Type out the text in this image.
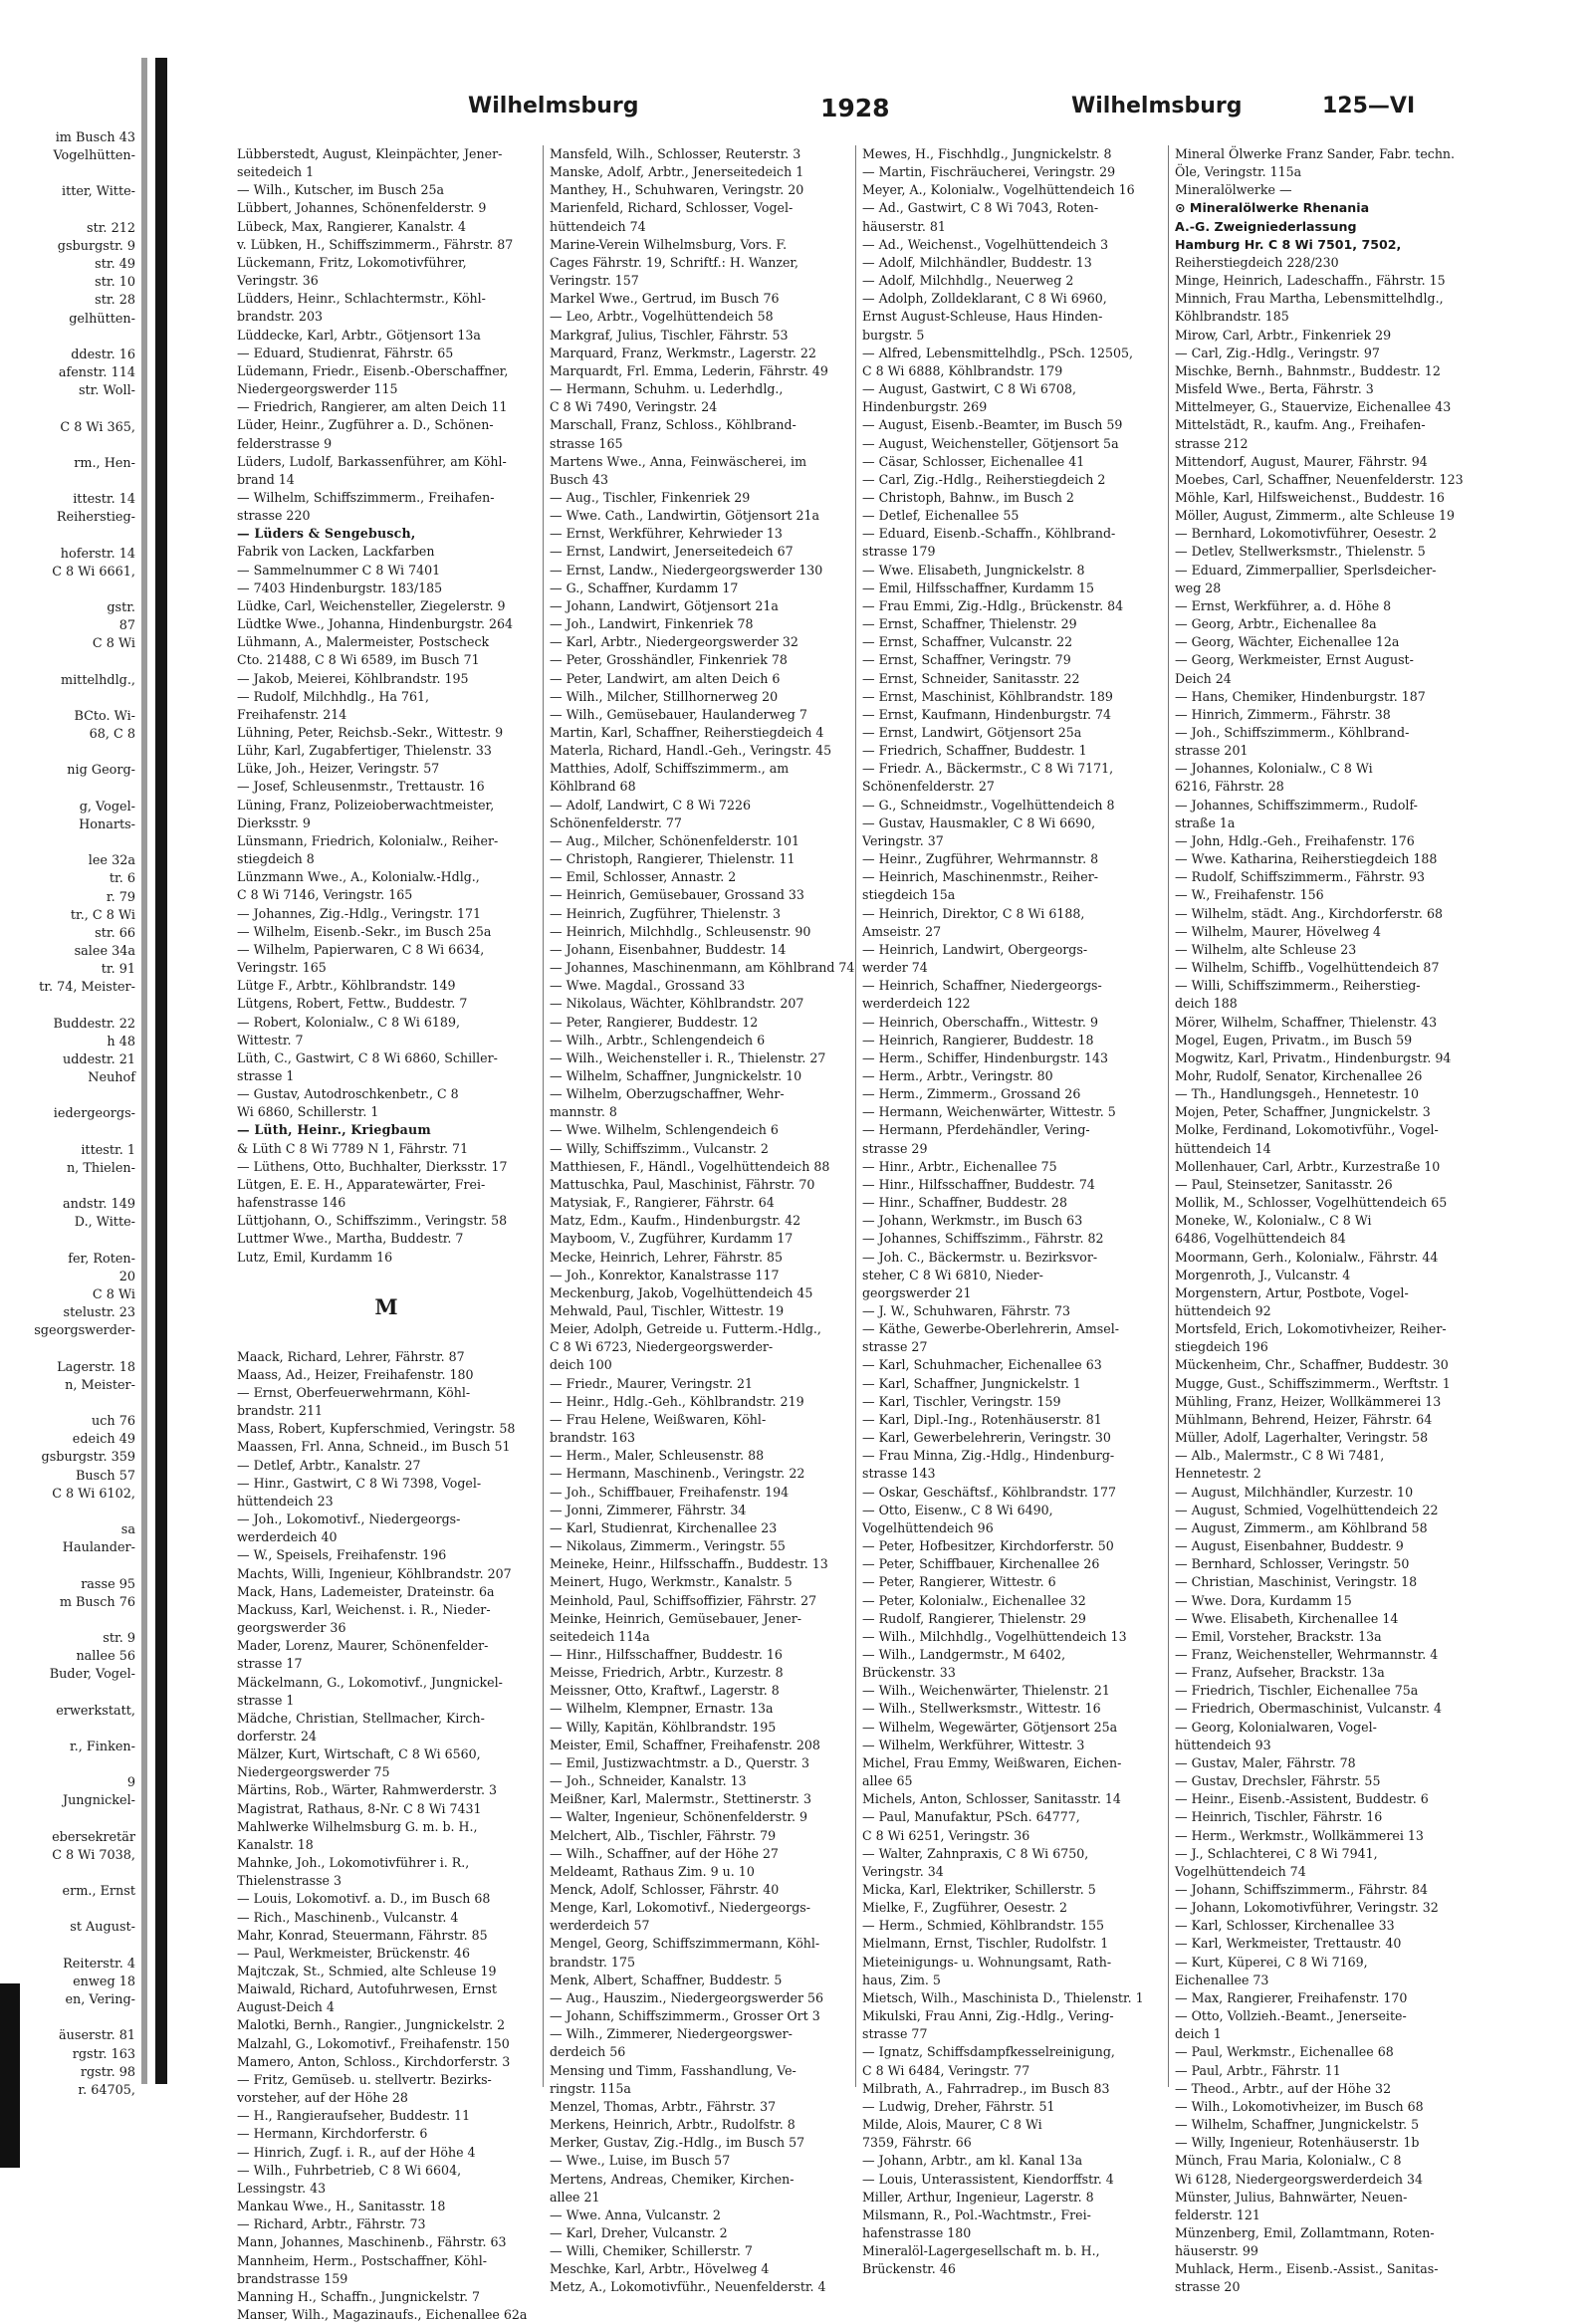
im Busch 43
Vogelhütten-

itter, Witte-

str. 212
gsburgstr. 9
str. 49
str. 10
str. 28
gelhütten-

ddestr. 16
afenstr. 114
str. Woll-

C 8 Wi 365,

rm., Hen-

ittestr. 14
Reiherstieg-

hoferstr. 14
C 8 Wi 6661,

gstr.
87
C 8 Wi

mittelhdlg.,

BCto. Wi-
68, C 8

nig Georg-

g, Vogel-
Honarts-

lee 32a
tr. 6
r. 79
tr., C 8 Wi
str. 66
salee 34a
tr. 91
tr. 74, Meister-

Buddestr. 22
h 48
uddestr. 21
Neuhof

iedergeorgs-

ittestr. 1
n, Thielen-

andstr. 149
D., Witte-

fer, Roten-
20
C 8 Wi
stelustr. 23
sgeorgswerder-

Lagerstr. 18
n, Meister-

uch 76
edeich 49
gsburgstr. 359
Busch 57
C 8 Wi 6102,

sa
Haulander-

rasse 95
m Busch 76

str. 9
nallee 56
Buder, Vogel-

erwerkstatt,

r., Finken-

9
Jungnickel-

ebersekretär
C 8 Wi 7038,

erm., Ernst

st August-

Reiterstr. 4
enweg 18
en, Vering-

äuserstr. 81
rgstr. 163
rgstr. 98
r. 64705,
Wilhelmsburg	1928	Wilhelmsburg	125—VI
Lübberstedt, August, Kleinpächter, Jener-
seitedeich 1
— Wilh., Kutscher, im Busch 25a
Lübbert, Johannes, Schönenfelderstr. 9
Lübeck, Max, Rangierer, Kanalstr. 4
v. Lübken, H., Schiffszimmerm., Fährstr. 87
Lückemann, Fritz, Lokomotivführer,
Veringstr. 36
Lüdders, Heinr., Schlachtermstr., Köhl-
brandstr. 203
Lüddecke, Karl, Arbtr., Götjensort 13a
— Eduard, Studienrat, Fährstr. 65
Lüdemann, Friedr., Eisenb.-Oberschaffner,
Niedergeorgswerder 115
— Friedrich, Rangierer, am alten Deich 11
Lüder, Heinr., Zugführer a. D., Schönen-
felderstrasse 9
Lüders, Ludolf, Barkassenführer, am Köhl-
brand 14
— Wilhelm, Schiffszimmerm., Freihafen-
strasse 220
— Lüders & Sengebusch,
Fabrik von Lacken, Lackfarben
— Sammelnummer C 8 Wi 7401
— 7403 Hindenburgstr. 183/185
Lüdke, Carl, Weichensteller, Ziegelerstr. 9
Lüdtke Wwe., Johanna, Hindenburgstr. 264
Lühmann, A., Malermeister, Postscheck
Cto. 21488, C 8 Wi 6589, im Busch 71
— Jakob, Meierei, Köhlbrandstr. 195
— Rudolf, Milchhdlg., Ha 761,
Freihafenstr. 214
Lühning, Peter, Reichsb.-Sekr., Wittestr. 9
Lühr, Karl, Zugabfertiger, Thielenstr. 33
Lüke, Joh., Heizer, Veringstr. 57
— Josef, Schleusenmstr., Trettaustr. 16
Lüning, Franz, Polizeioberwachtmeister,
Dierksstr. 9
Lünsmann, Friedrich, Kolonialw., Reiher-
stiegdeich 8
Lünzmann Wwe., A., Kolonialw.-Hdlg.,
C 8 Wi 7146, Veringstr. 165
— Johannes, Zig.-Hdlg., Veringstr. 171
— Wilhelm, Eisenb.-Sekr., im Busch 25a
— Wilhelm, Papierwaren, C 8 Wi 6634,
Veringstr. 165
Lütge F., Arbtr., Köhlbrandstr. 149
Lütgens, Robert, Fettw., Buddestr. 7
— Robert, Kolonialw., C 8 Wi 6189,
Wittestr. 7
Lüth, C., Gastwirt, C 8 Wi 6860, Schiller-
strasse 1
— Gustav, Autodroschkenbetr., C 8
Wi 6860, Schillerstr. 1
— Lüth, Heinr., Kriegbaum
& Lüth C 8 Wi 7789 N 1, Fährstr. 71
— Lüthens, Otto, Buchhalter, Dierksstr. 17
Lütgen, E. E. H., Apparatewärter, Frei-
hafenstrasse 146
Lüttjohann, O., Schiffszimm., Veringstr. 58
Luttmer Wwe., Martha, Buddestr. 7
Lutz, Emil, Kurdamm 16
M
Maack, Richard, Lehrer, Fährstr. 87
Maass, Ad., Heizer, Freihafenstr. 180
— Ernst, Oberfeuerwehrmann, Köhl-
brandstr. 211
Mass, Robert, Kupferschmied, Veringstr. 58
Maassen, Frl. Anna, Schneid., im Busch 51
— Detlef, Arbtr., Kanalstr. 27
— Hinr., Gastwirt, C 8 Wi 7398, Vogel-
hüttendeich 23
— Joh., Lokomotivf., Niedergeorgs-
werderdeich 40
— W., Speisels, Freihafenstr. 196
Machts, Willi, Ingenieur, Köhlbrandstr. 207
Mack, Hans, Lademeister, Drateinstr. 6a
Mackuss, Karl, Weichenst. i. R., Nieder-
georgswerder 36
Mader, Lorenz, Maurer, Schönenfelder-
strasse 17
Mäckelmann, G., Lokomotivf., Jungnickel-
strasse 1
Mädche, Christian, Stellmacher, Kirch-
dorferstr. 24
Mälzer, Kurt, Wirtschaft, C 8 Wi 6560,
Niedergeorgswerder 75
Märtins, Rob., Wärter, Rahmwerderstr. 3
Magistrat, Rathaus, 8-Nr. C 8 Wi 7431
Mahlwerke Wilhelmsburg G. m. b. H.,
Kanalstr. 18
Mahnke, Joh., Lokomotivführer i. R.,
Thielenstrasse 3
— Louis, Lokomotivf. a. D., im Busch 68
— Rich., Maschinenb., Vulcanstr. 4
Mahr, Konrad, Steuermann, Fährstr. 85
— Paul, Werkmeister, Brückenstr. 46
Majtczak, St., Schmied, alte Schleuse 19
Maiwald, Richard, Autofuhrwesen, Ernst
August-Deich 4
Malotki, Bernh., Rangier., Jungnickelstr. 2
Malzahl, G., Lokomotivf., Freihafenstr. 150
Mamero, Anton, Schloss., Kirchdorferstr. 3
— Fritz, Gemüseb. u. stellvertr. Bezirks-
vorsteher, auf der Höhe 28
— H., Rangieraufseher, Buddestr. 11
— Hermann, Kirchdorferstr. 6
— Hinrich, Zugf. i. R., auf der Höhe 4
— Wilh., Fuhrbetrieb, C 8 Wi 6604,
Lessingstr. 43
Mankau Wwe., H., Sanitasstr. 18
— Richard, Arbtr., Fährstr. 73
Mann, Johannes, Maschinenb., Fährstr. 63
Mannheim, Herm., Postschaffner, Köhl-
brandstrasse 159
Manning H., Schaffn., Jungnickelstr. 7
Manser, Wilh., Magazinaufs., Eichenallee 62a
Mansfeld, Wilh., Schlosser, Reuterstr. 3
Manske, Adolf, Arbtr., Jenerseitedeich 1
Manthey, H., Schuhwaren, Veringstr. 20
Marienfeld, Richard, Schlosser, Vogel-
hüttendeich 74
Marine-Verein Wilhelmsburg, Vors. F.
Cages Fährstr. 19, Schriftf.: H. Wanzer,
Veringstr. 157
Markel Wwe., Gertrud, im Busch 76
— Leo, Arbtr., Vogelhüttendeich 58
Markgraf, Julius, Tischler, Fährstr. 53
Marquard, Franz, Werkmstr., Lagerstr. 22
Marquardt, Frl. Emma, Lederin, Fährstr. 49
— Hermann, Schuhm. u. Lederhdlg.,
C 8 Wi 7490, Veringstr. 24
Marschall, Franz, Schloss., Köhlbrand-
strasse 165
Martens Wwe., Anna, Feinwäscherei, im
Busch 43
— Aug., Tischler, Finkenriek 29
— Wwe. Cath., Landwirtin, Götjensort 21a
— Ernst, Werkführer, Kehrwieder 13
— Ernst, Landwirt, Jenerseitedeich 67
— Ernst, Landw., Niedergeorgswerder 130
— G., Schaffner, Kurdamm 17
— Johann, Landwirt, Götjensort 21a
— Joh., Landwirt, Finkenriek 78
— Karl, Arbtr., Niedergeorgswerder 32
— Peter, Grosshändler, Finkenriek 78
— Peter, Landwirt, am alten Deich 6
— Wilh., Milcher, Stillhornerweg 20
— Wilh., Gemüsebauer, Haulanderweg 7
Martin, Karl, Schaffner, Reiherstiegdeich 4
Materla, Richard, Handl.-Geh., Veringstr. 45
Matthies, Adolf, Schiffszimmerm., am
Köhlbrand 68
— Adolf, Landwirt, C 8 Wi 7226
Schönenfelderstr. 77
— Aug., Milcher, Schönenfelderstr. 101
— Christoph, Rangierer, Thielenstr. 11
— Emil, Schlosser, Annastr. 2
— Heinrich, Gemüsebauer, Grossand 33
— Heinrich, Zugführer, Thielenstr. 3
— Heinrich, Milchhdlg., Schleusenstr. 90
— Johann, Eisenbahner, Buddestr. 14
— Johannes, Maschinenmann, am Köhlbrand 74
— Wwe. Magdal., Grossand 33
— Nikolaus, Wächter, Köhlbrandstr. 207
— Peter, Rangierer, Buddestr. 12
— Wilh., Arbtr., Schlengendeich 6
— Wilh., Weichensteller i. R., Thielenstr. 27
— Wilhelm, Schaffner, Jungnickelstr. 10
— Wilhelm, Oberzugschaffner, Wehr-
mannstr. 8
— Wwe. Wilhelm, Schlengendeich 6
— Willy, Schiffszimm., Vulcanstr. 2
Matthiesen, F., Händl., Vogelhüttendeich 88
Mattuschka, Paul, Maschinist, Fährstr. 70
Matysiak, F., Rangierer, Fährstr. 64
Matz, Edm., Kaufm., Hindenburgstr. 42
Mayboom, V., Zugführer, Kurdamm 17
Mecke, Heinrich, Lehrer, Fährstr. 85
— Joh., Konrektor, Kanalstrasse 117
Meckenburg, Jakob, Vogelhüttendeich 45
Mehwald, Paul, Tischler, Wittestr. 19
Meier, Adolph, Getreide u. Futterm.-Hdlg.,
C 8 Wi 6723, Niedergeorgswerder-
deich 100
— Friedr., Maurer, Veringstr. 21
— Heinr., Hdlg.-Geh., Köhlbrandstr. 219
— Frau Helene, Weißwaren, Köhl-
brandstr. 163
— Herm., Maler, Schleusenstr. 88
— Hermann, Maschinenb., Veringstr. 22
— Joh., Schiffbauer, Freihafenstr. 194
— Jonni, Zimmerer, Fährstr. 34
— Karl, Studienrat, Kirchenallee 23
— Nikolaus, Zimmerm., Veringstr. 55
Meineke, Heinr., Hilfsschaffn., Buddestr. 13
Meinert, Hugo, Werkmstr., Kanalstr. 5
Meinhold, Paul, Schiffsoffizier, Fährstr. 27
Meinke, Heinrich, Gemüsebauer, Jener-
seitedeich 114a
— Hinr., Hilfsschaffner, Buddestr. 16
Meisse, Friedrich, Arbtr., Kurzestr. 8
Meissner, Otto, Kraftwf., Lagerstr. 8
— Wilhelm, Klempner, Ernastr. 13a
— Willy, Kapitän, Köhlbrandstr. 195
Meister, Emil, Schaffner, Freihafenstr. 208
— Emil, Justizwachtmstr. a D., Querstr. 3
— Joh., Schneider, Kanalstr. 13
Meißner, Karl, Malermstr., Stettinerstr. 3
— Walter, Ingenieur, Schönenfelderstr. 9
Melchert, Alb., Tischler, Fährstr. 79
— Wilh., Schaffner, auf der Höhe 27
Meldeamt, Rathaus Zim. 9 u. 10
Menck, Adolf, Schlosser, Fährstr. 40
Menge, Karl, Lokomotivf., Niedergeorgs-
werderdeich 57
Mengel, Georg, Schiffszimmermann, Köhl-
brandstr. 175
Menk, Albert, Schaffner, Buddestr. 5
— Aug., Hauszim., Niedergeorgswerder 56
— Johann, Schiffszimmerm., Grosser Ort 3
— Wilh., Zimmerer, Niedergeorgswer-
derdeich 56
Mensing und Timm, Fasshandlung, Ve-
ringstr. 115a
Menzel, Thomas, Arbtr., Fährstr. 37
Merkens, Heinrich, Arbtr., Rudolfstr. 8
Merker, Gustav, Zig.-Hdlg., im Busch 57
— Wwe., Luise, im Busch 57
Mertens, Andreas, Chemiker, Kirchen-
allee 21
— Wwe. Anna, Vulcanstr. 2
— Karl, Dreher, Vulcanstr. 2
— Willi, Chemiker, Schillerstr. 7
Meschke, Karl, Arbtr., Hövelweg 4
Metz, A., Lokomotivführ., Neuenfelderstr. 4
Mewes, H., Fischhdlg., Jungnickelstr. 8
— Martin, Fischräucherei, Veringstr. 29
Meyer, A., Kolonialw., Vogelhüttendeich 16
— Ad., Gastwirt, C 8 Wi 7043, Roten-
häuserstr. 81
— Ad., Weichenst., Vogelhüttendeich 3
— Adolf, Milchhändler, Buddestr. 13
— Adolf, Milchhdlg., Neuerweg 2
— Adolph, Zolldeklarant, C 8 Wi 6960,
Ernst August-Schleuse, Haus Hinden-
burgstr. 5
— Alfred, Lebensmittelhdlg., PSch. 12505,
C 8 Wi 6888, Köhlbrandstr. 179
— August, Gastwirt, C 8 Wi 6708,
Hindenburgstr. 269
— August, Eisenb.-Beamter, im Busch 59
— August, Weichensteller, Götjensort 5a
— Cäsar, Schlosser, Eichenallee 41
— Carl, Zig.-Hdlg., Reiherstiegdeich 2
— Christoph, Bahnw., im Busch 2
— Detlef, Eichenallee 55
— Eduard, Eisenb.-Schaffn., Köhlbrand-
strasse 179
— Wwe. Elisabeth, Jungnickelstr. 8
— Emil, Hilfsschaffner, Kurdamm 15
— Frau Emmi, Zig.-Hdlg., Brückenstr. 84
— Ernst, Schaffner, Thielenstr. 29
— Ernst, Schaffner, Vulcanstr. 22
— Ernst, Schaffner, Veringstr. 79
— Ernst, Schneider, Sanitasstr. 22
— Ernst, Maschinist, Köhlbrandstr. 189
— Ernst, Kaufmann, Hindenburgstr. 74
— Ernst, Landwirt, Götjensort 25a
— Friedrich, Schaffner, Buddestr. 1
— Friedr. A., Bäckermstr., C 8 Wi 7171,
Schönenfelderstr. 27
— G., Schneidmstr., Vogelhüttendeich 8
— Gustav, Hausmakler, C 8 Wi 6690,
Veringstr. 37
— Heinr., Zugführer, Wehrmannstr. 8
— Heinrich, Maschinenmstr., Reiher-
stiegdeich 15a
— Heinrich, Direktor, C 8 Wi 6188,
Amseistr. 27
— Heinrich, Landwirt, Obergeorgs-
werder 74
— Heinrich, Schaffner, Niedergeorgs-
werderdeich 122
— Heinrich, Oberschaffn., Wittestr. 9
— Heinrich, Rangierer, Buddestr. 18
— Herm., Schiffer, Hindenburgstr. 143
— Herm., Arbtr., Veringstr. 80
— Herm., Zimmerm., Grossand 26
— Hermann, Weichenwärter, Wittestr. 5
— Hermann, Pferdehändler, Vering-
strasse 29
— Hinr., Arbtr., Eichenallee 75
— Hinr., Hilfsschaffner, Buddestr. 74
— Hinr., Schaffner, Buddestr. 28
— Johann, Werkmstr., im Busch 63
— Johannes, Schiffszimm., Fährstr. 82
— Joh. C., Bäckermstr. u. Bezirksvor-
steher, C 8 Wi 6810, Nieder-
georgswerder 21
— J. W., Schuhwaren, Fährstr. 73
— Käthe, Gewerbe-Oberlehrerin, Amsel-
strasse 27
— Karl, Schuhmacher, Eichenallee 63
— Karl, Schaffner, Jungnickelstr. 1
— Karl, Tischler, Veringstr. 159
— Karl, Dipl.-Ing., Rotenhäuserstr. 81
— Karl, Gewerbelehrerin, Veringstr. 30
— Frau Minna, Zig.-Hdlg., Hindenburg-
strasse 143
— Oskar, Geschäftsf., Köhlbrandstr. 177
— Otto, Eisenw., C 8 Wi 6490,
Vogelhüttendeich 96
— Peter, Hofbesitzer, Kirchdorferstr. 50
— Peter, Schiffbauer, Kirchenallee 26
— Peter, Rangierer, Wittestr. 6
— Peter, Kolonialw., Eichenallee 32
— Rudolf, Rangierer, Thielenstr. 29
— Wilh., Milchhdlg., Vogelhüttendeich 13
— Wilh., Landgermstr., M 6402,
Brückenstr. 33
— Wilh., Weichenwärter, Thielenstr. 21
— Wilh., Stellwerksmstr., Wittestr. 16
— Wilhelm, Wegewärter, Götjensort 25a
— Wilhelm, Werkführer, Wittestr. 3
Michel, Frau Emmy, Weißwaren, Eichen-
allee 65
Michels, Anton, Schlosser, Sanitasstr. 14
— Paul, Manufaktur, PSch. 64777,
C 8 Wi 6251, Veringstr. 36
— Walter, Zahnpraxis, C 8 Wi 6750,
Veringstr. 34
Micka, Karl, Elektriker, Schillerstr. 5
Mielke, F., Zugführer, Oesestr. 2
— Herm., Schmied, Köhlbrandstr. 155
Mielmann, Ernst, Tischler, Rudolfstr. 1
Mieteinigungs- u. Wohnungsamt, Rath-
haus, Zim. 5
Mietsch, Wilh., Maschinista D., Thielenstr. 1
Mikulski, Frau Anni, Zig.-Hdlg., Vering-
strasse 77
— Ignatz, Schiffsdampfkesselreinigung,
C 8 Wi 6484, Veringstr. 77
Milbrath, A., Fahrradrep., im Busch 83
— Ludwig, Dreher, Fährstr. 51
Milde, Alois, Maurer, C 8 Wi
7359, Fährstr. 66
— Johann, Arbtr., am kl. Kanal 13a
— Louis, Unterassistent, Kiendorffstr. 4
Miller, Arthur, Ingenieur, Lagerstr. 8
Milsmann, R., Pol.-Wachtmstr., Frei-
hafenstrasse 180
Mineralöl-Lagergesellschaft m. b. H.,
Brückenstr. 46
Mineral Ölwerke Franz Sander, Fabr. techn.
Öle, Veringstr. 115a
Mineralölwerke —
⊙ Mineralölwerke Rhenania
A.-G. Zweigniederlassung
Hamburg Hr. C 8 Wi 7501, 7502,
Reiherstiegdeich 228/230
Minge, Heinrich, Ladeschaffn., Fährstr. 15
Minnich, Frau Martha, Lebensmittelhdlg.,
Köhlbrandstr. 185
Mirow, Carl, Arbtr., Finkenriek 29
— Carl, Zig.-Hdlg., Veringstr. 97
Mischke, Bernh., Bahnmstr., Buddestr. 12
Misfeld Wwe., Berta, Fährstr. 3
Mittelmeyer, G., Stauervize, Eichenallee 43
Mittelstädt, R., kaufm. Ang., Freihafen-
strasse 212
Mittendorf, August, Maurer, Fährstr. 94
Moebes, Carl, Schaffner, Neuenfelderstr. 123
Möhle, Karl, Hilfsweichenst., Buddestr. 16
Möller, August, Zimmerm., alte Schleuse 19
— Bernhard, Lokomotivführer, Oesestr. 2
— Detlev, Stellwerksmstr., Thielenstr. 5
— Eduard, Zimmerpallier, Sperlsdeicher-
weg 28
— Ernst, Werkführer, a. d. Höhe 8
— Georg, Arbtr., Eichenallee 8a
— Georg, Wächter, Eichenallee 12a
— Georg, Werkmeister, Ernst August-
Deich 24
— Hans, Chemiker, Hindenburgstr. 187
— Hinrich, Zimmerm., Fährstr. 38
— Joh., Schiffszimmerm., Köhlbrand-
strasse 201
— Johannes, Kolonialw., C 8 Wi
6216, Fährstr. 28
— Johannes, Schiffszimmerm., Rudolf-
straße 1a
— John, Hdlg.-Geh., Freihafenstr. 176
— Wwe. Katharina, Reiherstiegdeich 188
— Rudolf, Schiffszimmerm., Fährstr. 93
— W., Freihafenstr. 156
— Wilhelm, städt. Ang., Kirchdorferstr. 68
— Wilhelm, Maurer, Hövelweg 4
— Wilhelm, alte Schleuse 23
— Wilhelm, Schiffb., Vogelhüttendeich 87
— Willi, Schiffszimmerm., Reiherstieg-
deich 188
Mörer, Wilhelm, Schaffner, Thielenstr. 43
Mogel, Eugen, Privatm., im Busch 59
Mogwitz, Karl, Privatm., Hindenburgstr. 94
Mohr, Rudolf, Senator, Kirchenallee 26
— Th., Handlungsgeh., Hennetestr. 10
Mojen, Peter, Schaffner, Jungnickelstr. 3
Molke, Ferdinand, Lokomotivführ., Vogel-
hüttendeich 14
Mollenhauer, Carl, Arbtr., Kurzestraße 10
— Paul, Steinsetzer, Sanitasstr. 26
Mollik, M., Schlosser, Vogelhüttendeich 65
Moneke, W., Kolonialw., C 8 Wi
6486, Vogelhüttendeich 84
Moormann, Gerh., Kolonialw., Fährstr. 44
Morgenroth, J., Vulcanstr. 4
Morgenstern, Artur, Postbote, Vogel-
hüttendeich 92
Mortsfeld, Erich, Lokomotivheizer, Reiher-
stiegdeich 196
Mückenheim, Chr., Schaffner, Buddestr. 30
Mugge, Gust., Schiffszimmerm., Werftstr. 1
Mühling, Franz, Heizer, Wollkämmerei 13
Mühlmann, Behrend, Heizer, Fährstr. 64
Müller, Adolf, Lagerhalter, Veringstr. 58
— Alb., Malermstr., C 8 Wi 7481,
Hennetestr. 2
— August, Milchhändler, Kurzestr. 10
— August, Schmied, Vogelhüttendeich 22
— August, Zimmerm., am Köhlbrand 58
— August, Eisenbahner, Buddestr. 9
— Bernhard, Schlosser, Veringstr. 50
— Christian, Maschinist, Veringstr. 18
— Wwe. Dora, Kurdamm 15
— Wwe. Elisabeth, Kirchenallee 14
— Emil, Vorsteher, Brackstr. 13a
— Franz, Weichensteller, Wehrmannstr. 4
— Franz, Aufseher, Brackstr. 13a
— Friedrich, Tischler, Eichenallee 75a
— Friedrich, Obermaschinist, Vulcanstr. 4
— Georg, Kolonialwaren, Vogel-
hüttendeich 93
— Gustav, Maler, Fährstr. 78
— Gustav, Drechsler, Fährstr. 55
— Heinr., Eisenb.-Assistent, Buddestr. 6
— Heinrich, Tischler, Fährstr. 16
— Herm., Werkmstr., Wollkämmerei 13
— J., Schlachterei, C 8 Wi 7941,
Vogelhüttendeich 74
— Johann, Schiffszimmerm., Fährstr. 84
— Johann, Lokomotivführer, Veringstr. 32
— Karl, Schlosser, Kirchenallee 33
— Karl, Werkmeister, Trettaustr. 40
— Kurt, Küperei, C 8 Wi 7169,
Eichenallee 73
— Max, Rangierer, Freihafenstr. 170
— Otto, Vollzieh.-Beamt., Jenerseite-
deich 1
— Paul, Werkmstr., Eichenallee 68
— Paul, Arbtr., Fährstr. 11
— Theod., Arbtr., auf der Höhe 32
— Wilh., Lokomotivheizer, im Busch 68
— Wilhelm, Schaffner, Jungnickelstr. 5
— Willy, Ingenieur, Rotenhäuserstr. 1b
Münch, Frau Maria, Kolonialw., C 8
Wi 6128, Niedergeorgswerderdeich 34
Münster, Julius, Bahnwärter, Neuen-
felderstr. 121
Münzenberg, Emil, Zollamtmann, Roten-
häuserstr. 99
Muhlack, Herm., Eisenb.-Assist., Sanitas-
strasse 20
